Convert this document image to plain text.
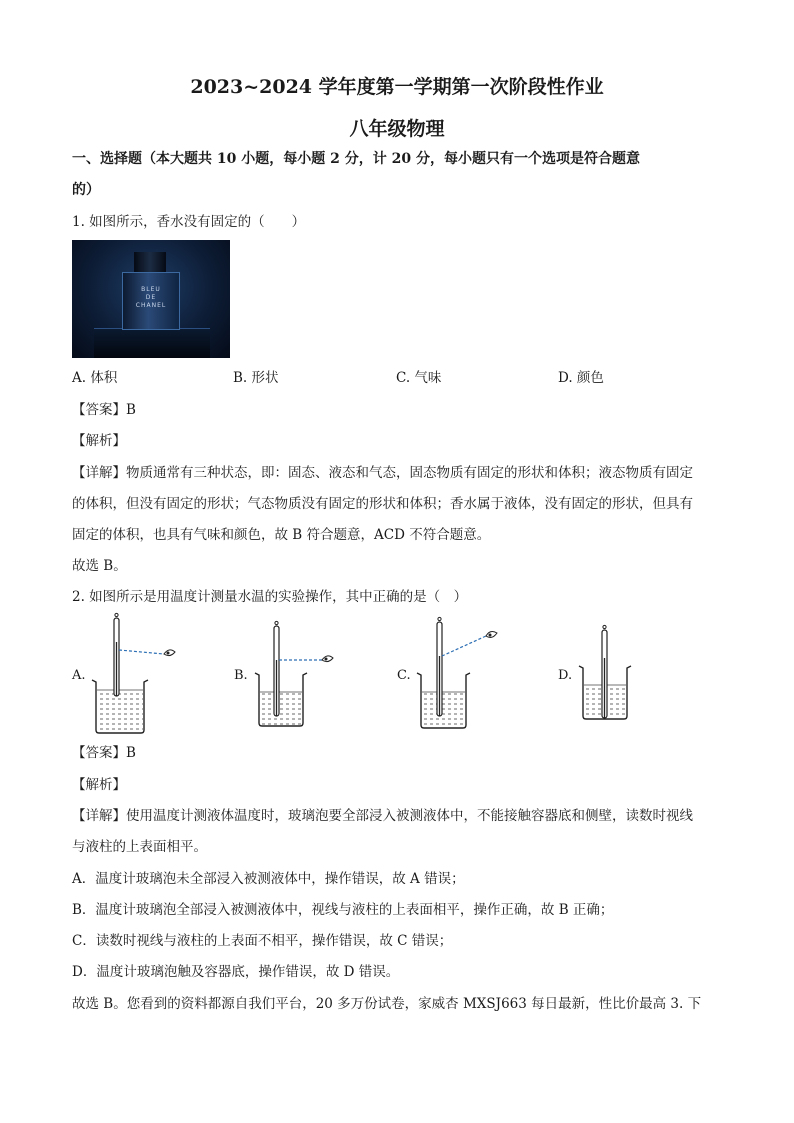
2023~2024 学年度第一学期第一次阶段性作业
八年级物理
一、选择题（本大题共 10 小题，每小题 2 分，计 20 分，每小题只有一个选项是符合题意
的）
1. 如图所示，香水没有固定的（　　）
BLEU
DE
CHANEL
A. 体积	B. 形状	C. 气味	D. 颜色
【答案】B
【解析】
【详解】物质通常有三种状态，即：固态、液态和气态，固态物质有固定的形状和体积；液态物质有固定
的体积，但没有固定的形状；气态物质没有固定的形状和体积；香水属于液体，没有固定的形状，但具有
固定的体积，也具有气味和颜色，故 B 符合题意，ACD 不符合题意。
故选 B。
2. 如图所示是用温度计测量水温的实验操作，其中正确的是（　）
A.	B.	C.	D.
【答案】B
【解析】
【详解】使用温度计测液体温度时，玻璃泡要全部浸入被测液体中，不能接触容器底和侧壁，读数时视线
与液柱的上表面相平。
A．温度计玻璃泡未全部浸入被测液体中，操作错误，故 A 错误；
B．温度计玻璃泡全部浸入被测液体中，视线与液柱的上表面相平，操作正确，故 B 正确；
C．读数时视线与液柱的上表面不相平，操作错误，故 C 错误；
D．温度计玻璃泡触及容器底，操作错误，故 D 错误。
故选 B。您看到的资料都源自我们平台，20 多万份试卷，家威杏 MXSJ663 每日最新，性比价最高 3. 下
